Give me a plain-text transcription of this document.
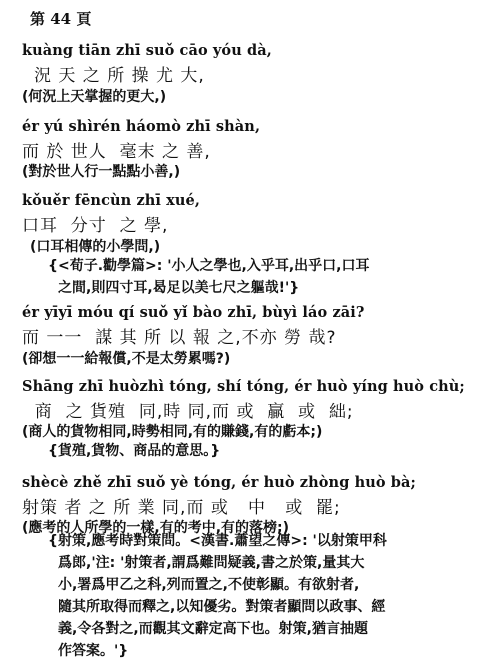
第 44 頁
kuàng tiān zhī suǒ cāo yóu dà,
況 天 之 所 操 尤 大,
(何況上天掌握的更大,)
ér yú shìrén háomò zhī shàn,
而 於 世人  毫末 之 善,
(對於世人行一點點小善,)
kǒuěr fēncùn zhī xué,
口耳  分寸  之 學,
(口耳相傳的小學問,)
{<荀子.勸學篇>: '小人之學也,入乎耳,出乎口,口耳
之間,則四寸耳,曷足以美七尺之軀哉!'}
ér yīyī móu qí suǒ yǐ bào zhī, bùyì láo zāi?
而 一一  謀 其 所 以 報 之,不亦 勞 哉?
(卻想一一給報償,不是太勞累嗎?)
Shāng zhī huòzhì tóng, shí tóng, ér huò yíng huò chù;
商  之 貨殖  同,時 同,而 或  贏  或  絀;
(商人的貨物相同,時勢相同,有的賺錢,有的虧本;)
{貨殖,貨物、商品的意思。}
shècè zhě zhī suǒ yè tóng, ér huò zhòng huò bà;
射策 者 之 所 業 同,而 或   中   或  罷;
(應考的人所學的一樣,有的考中,有的落榜;)
{射策,應考時對策問。<漢書.蕭望之傳>: '以射策甲科
爲郎,'注: '射策者,謂爲難問疑義,書之於策,量其大
小,署爲甲乙之科,列而置之,不使彰顯。有欲射者,
隨其所取得而釋之,以知優劣。對策者顯問以政事、經
義,令各對之,而觀其文辭定高下也。射策,猶言抽題
作答案。'}
